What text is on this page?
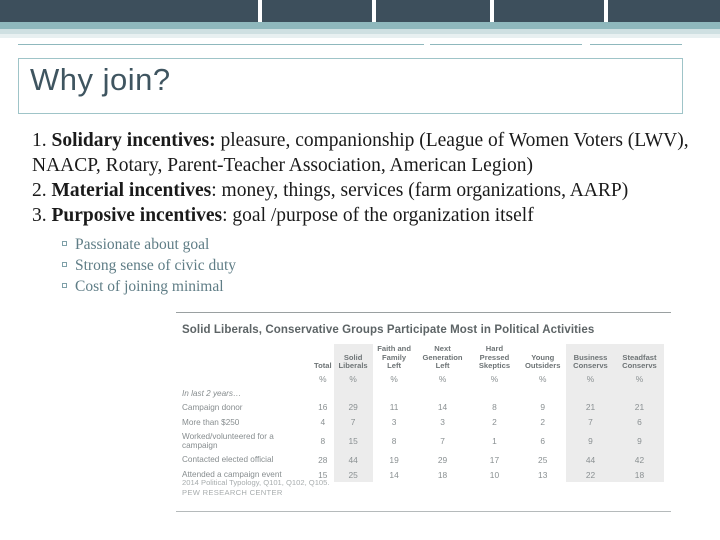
Why join?

1. Solidary incentives: pleasure, companionship (League of Women Voters (LWV), NAACP, Rotary, Parent-Teacher Association, American Legion)

2. Material incentives: money, things, services (farm organizations, AARP)

3. Purposive incentives: goal /purpose of the organization itself

Passionate about goal
Strong sense of civic duty
Cost of joining minimal
Solid Liberals, Conservative Groups Participate Most in Political Activities
	Total	Solid Liberals	Faith and Family Left	Next Generation Left	Hard Pressed Skeptics	Young Outsiders	Business Conservs	Steadfast Conservs
	%	%	%	%	%	%	%	%
In last 2 years…								
Campaign donor	16	29	11	14	8	9	21	21
More than $250	4	7	3	3	2	2	7	6
Worked/volunteered for a campaign	8	15	8	7	1	6	9	9
Contacted elected official	28	44	19	29	17	25	44	42
Attended a campaign event	15	25	14	18	10	13	22	18
2014 Political Typology, Q101, Q102, Q105.
PEW RESEARCH CENTER
